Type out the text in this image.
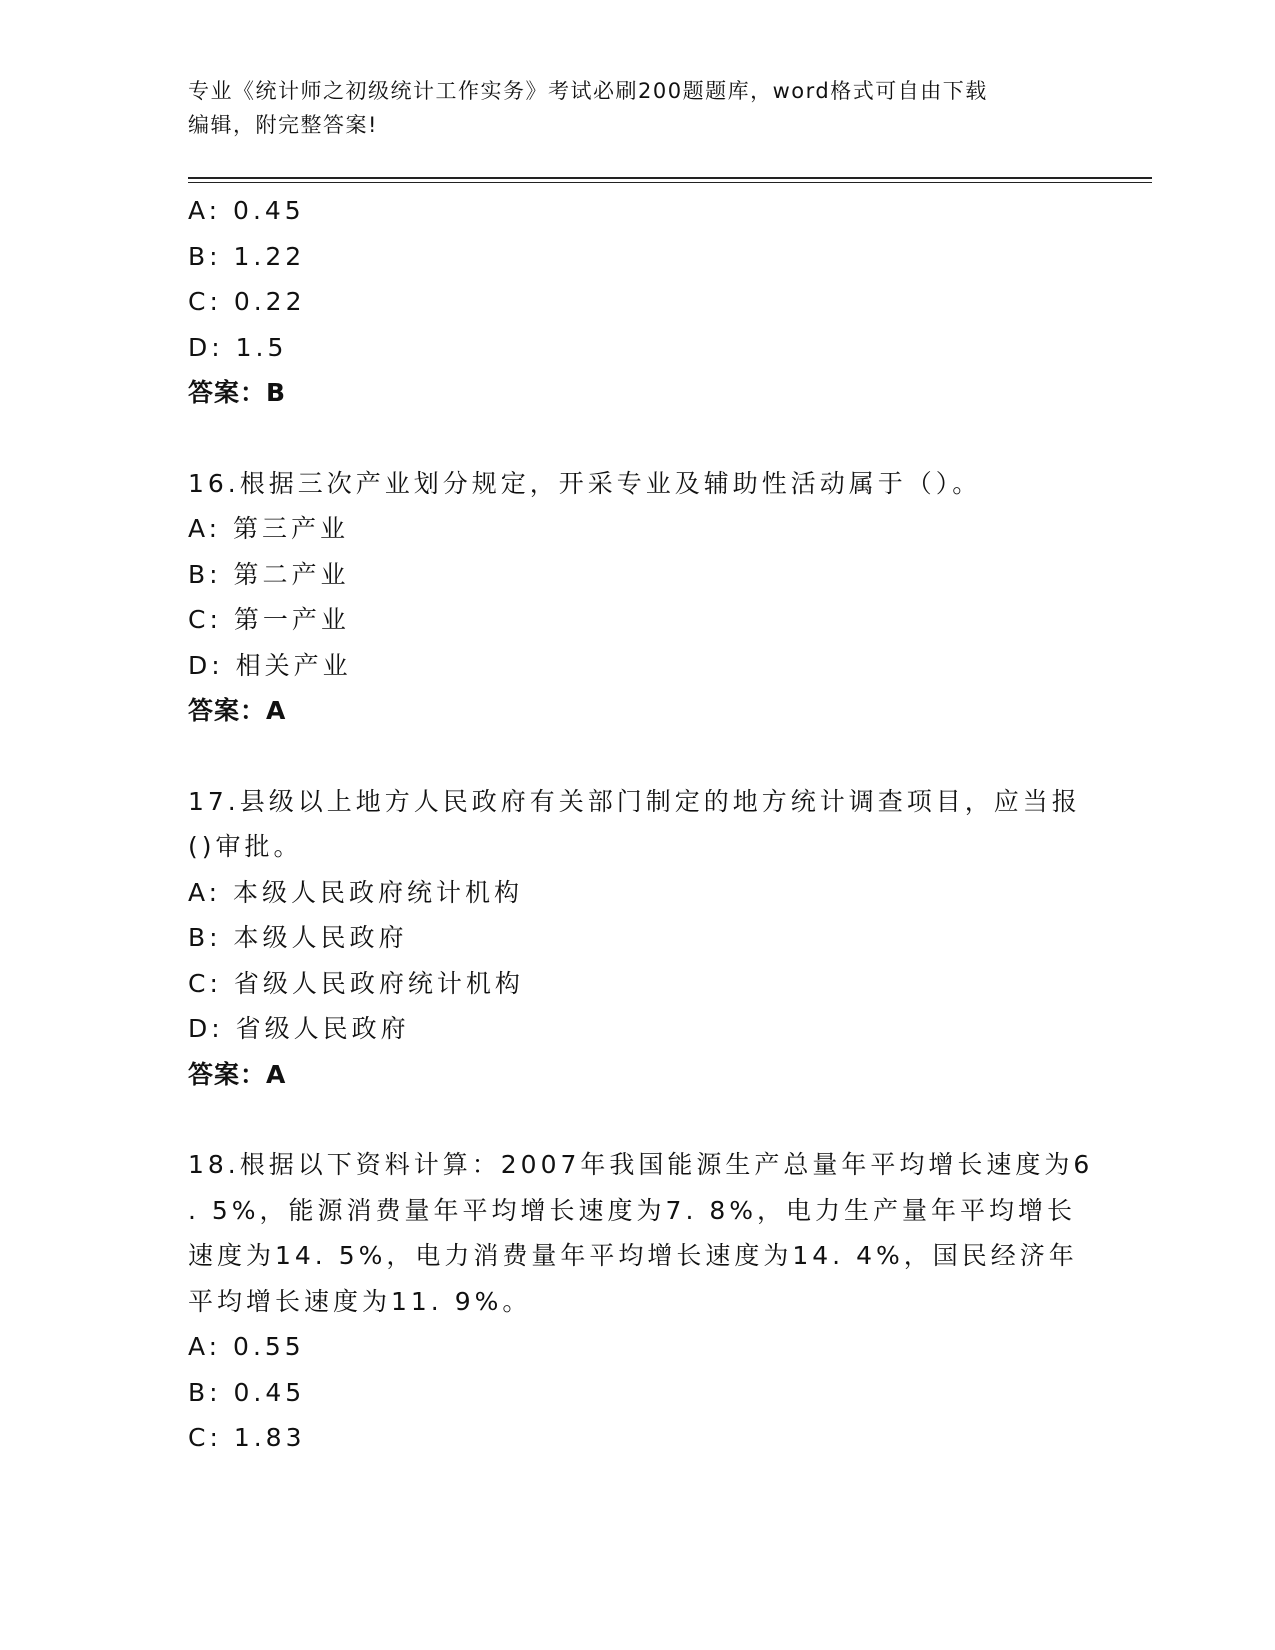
专业《统计师之初级统计工作实务》考试必刷200题题库，word格式可自由下载
编辑，附完整答案!
A: 0.45
B: 1.22
C: 0.22
D: 1.5
答案：B
16.根据三次产业划分规定，开采专业及辅助性活动属于（）。
A: 第三产业
B: 第二产业
C: 第一产业
D: 相关产业
答案：A
17.县级以上地方人民政府有关部门制定的地方统计调查项目，应当报
()审批。
A: 本级人民政府统计机构
B: 本级人民政府
C: 省级人民政府统计机构
D: 省级人民政府
答案：A
18.根据以下资料计算：2007年我国能源生产总量年平均增长速度为6
. 5%，能源消费量年平均增长速度为7. 8%，电力生产量年平均增长
速度为14. 5%，电力消费量年平均增长速度为14. 4%，国民经济年
平均增长速度为11. 9%。
A: 0.55
B: 0.45
C: 1.83
